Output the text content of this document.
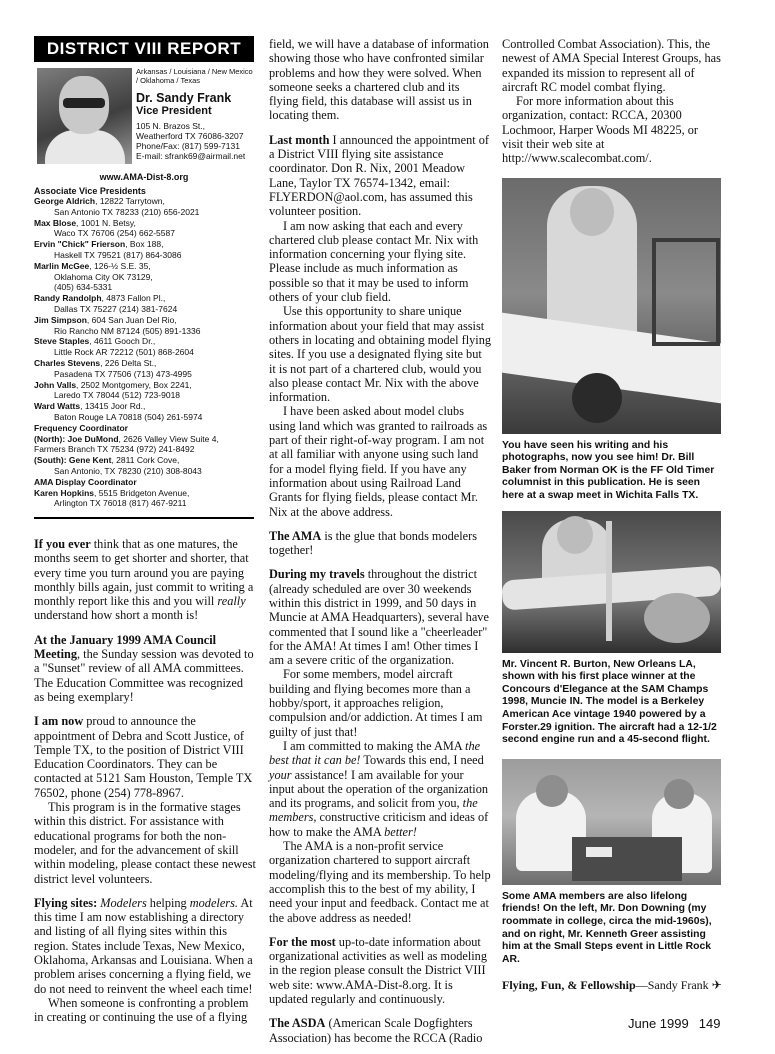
DISTRICT VIII REPORT
Arkansas / Louisiana / New Mexico / Oklahoma / Texas
Dr. Sandy Frank
Vice President
105 N. Brazos St.,
Weatherford TX 76086-3207
Phone/Fax: (817) 599-7131
E-mail: sfrank69@airmail.net
www.AMA-Dist-8.org
Associate Vice Presidents
George Aldrich, 12822 Tarrytown,
San Antonio TX 78233 (210) 656-2021
Max Blose, 1001 N. Betsy,
Waco TX 76706 (254) 662-5587
Ervin "Chick" Frierson, Box 188,
Haskell TX 79521 (817) 864-3086
Marlin McGee, 126-½ S.E. 35,
Oklahoma City OK 73129,
(405) 634-5331
Randy Randolph, 4873 Fallon Pl.,
Dallas TX 75227 (214) 381-7624
Jim Simpson, 604 San Juan Del Rio,
Rio Rancho NM 87124 (505) 891-1336
Steve Staples, 4611 Gooch Dr.,
Little Rock AR 72212 (501) 868-2604
Charles Stevens, 226 Delta St.,
Pasadena TX 77506 (713) 473-4995
John Valls, 2502 Montgomery, Box 2241,
Laredo TX 78044 (512) 723-9018
Ward Watts, 13415 Joor Rd.,
Baton Rouge LA 70818 (504) 261-5974
Frequency Coordinator
(North): Joe DuMond, 2626 Valley View Suite 4,
Farmers Branch TX 75234 (972) 241-8492
(South): Gene Kent, 2811 Cork Cove,
San Antonio, TX 78230 (210) 308-8043
AMA Display Coordinator
Karen Hopkins, 5515 Bridgeton Avenue,
Arlington TX 76018 (817) 467-9211

If you ever think that as one matures, the months seem to get shorter and shorter, that every time you turn around you are paying monthly bills again, just commit to writing a monthly report like this and you will really understand how short a month is!

At the January 1999 AMA Council Meeting, the Sunday session was devoted to a "Sunset" review of all AMA committees. The Education Committee was recognized as being exemplary!

I am now proud to announce the appointment of Debra and Scott Justice, of Temple TX, to the position of District VIII Education Coordinators. They can be contacted at 5121 Sam Houston, Temple TX 76502, phone (254) 778-8967.

This program is in the formative stages within this district. For assistance with educational programs for both the non-modeler, and for the advancement of skill within modeling, please contact these newest district level volunteers.

Flying sites: Modelers helping modelers. At this time I am now establishing a directory and listing of all flying sites within this region. States include Texas, New Mexico, Oklahoma, Arkansas and Louisiana. When a problem arises concerning a flying field, we do not need to reinvent the wheel each time!

When someone is confronting a problem in creating or continuing the use of a flying

field, we will have a database of information showing those who have confronted similar problems and how they were solved. When someone seeks a chartered club and its flying field, this database will assist us in locating them.

Last month I announced the appointment of a District VIII flying site assistance coordinator. Don R. Nix, 2001 Meadow Lane, Taylor TX 76574-1342, email: FLYERDON@aol.com, has assumed this volunteer position.

I am now asking that each and every chartered club please contact Mr. Nix with information concerning your flying site. Please include as much information as possible so that it may be used to inform others of your club field.

Use this opportunity to share unique information about your field that may assist others in locating and obtaining model flying sites. If you use a designated flying site but it is not part of a chartered club, would you also please contact Mr. Nix with the above information.

I have been asked about model clubs using land which was granted to railroads as part of their right-of-way program. I am not at all familiar with anyone using such land for a model flying field. If you have any information about using Railroad Land Grants for flying fields, please contact Mr. Nix at the above address.

The AMA is the glue that bonds modelers together!

During my travels throughout the district (already scheduled are over 30 weekends within this district in 1999, and 50 days in Muncie at AMA Headquarters), several have commented that I sound like a "cheerleader" for the AMA! At times I am! Other times I am a severe critic of the organization.

For some members, model aircraft building and flying becomes more than a hobby/sport, it approaches religion, compulsion and/or addiction. At times I am guilty of just that!

I am committed to making the AMA the best that it can be! Towards this end, I need your assistance! I am available for your input about the operation of the organization and its programs, and solicit from you, the members, constructive criticism and ideas of how to make the AMA better!

The AMA is a non-profit service organization chartered to support aircraft modeling/flying and its membership. To help accomplish this to the best of my ability, I need your input and feedback. Contact me at the above address as needed!

For the most up-to-date information about organizational activities as well as modeling in the region please consult the District VIII web site: www.AMA-Dist-8.org. It is updated regularly and continuously.

The ASDA (American Scale Dogfighters Association) has become the RCCA (Radio

Controlled Combat Association). This, the newest of AMA Special Interest Groups, has expanded its mission to represent all of aircraft RC model combat flying.

For more information about this organization, contact: RCCA, 20300 Lochmoor, Harper Woods MI 48225, or visit their web site at http://www.scalecombat.com/.

You have seen his writing and his photographs, now you see him! Dr. Bill Baker from Norman OK is the FF Old Timer columnist in this publication. He is seen here at a swap meet in Wichita Falls TX.
Mr. Vincent R. Burton, New Orleans LA, shown with his first place winner at the Concours d'Elegance at the SAM Champs 1998, Muncie IN. The model is a Berkeley American Ace vintage 1940 powered by a Forster.29 ignition. The aircraft had a 12-1/2 second engine run and a 45-second flight.
Some AMA members are also lifelong friends! On the left, Mr. Don Downing (my roommate in college, circa the mid-1960s), and on right, Mr. Kenneth Greer assisting him at the Small Steps event in Little Rock AR.
Flying, Fun, & Fellowship—Sandy Frank ✈
June 1999 149
